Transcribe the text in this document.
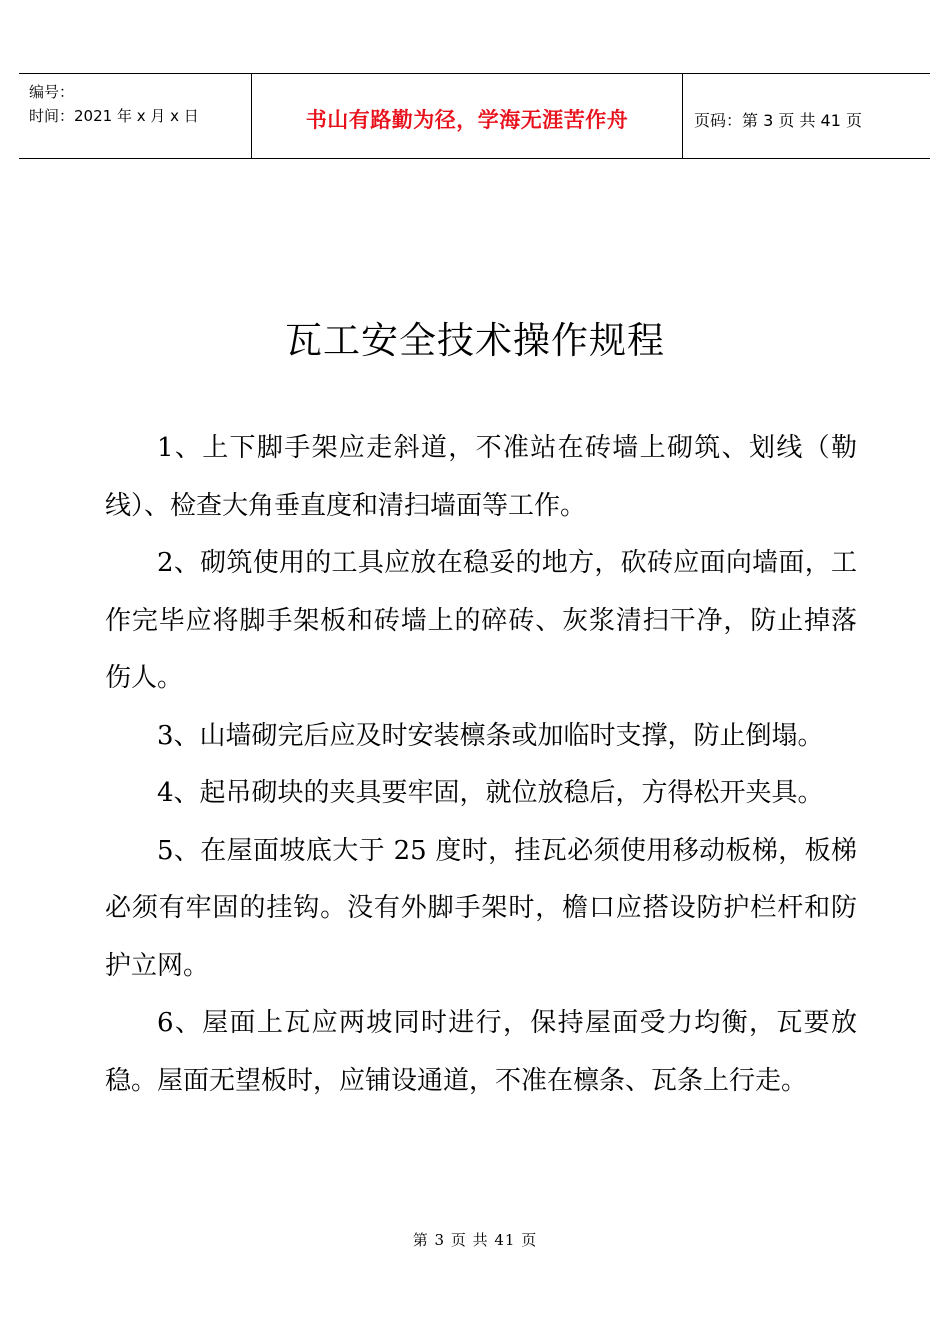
编号：
时间：2021 年 x 月 x 日	书山有路勤为径，学海无涯苦作舟	页码：第 3 页 共 41 页
瓦工安全技术操作规程

1、上下脚手架应走斜道，不准站在砖墙上砌筑、划线（勒线）、检查大角垂直度和清扫墙面等工作。

2、砌筑使用的工具应放在稳妥的地方，砍砖应面向墙面，工作完毕应将脚手架板和砖墙上的碎砖、灰浆清扫干净，防止掉落伤人。

3、山墙砌完后应及时安装檩条或加临时支撑，防止倒塌。

4、起吊砌块的夹具要牢固，就位放稳后，方得松开夹具。

5、在屋面坡底大于 25 度时，挂瓦必须使用移动板梯，板梯必须有牢固的挂钩。没有外脚手架时，檐口应搭设防护栏杆和防护立网。

6、屋面上瓦应两坡同时进行，保持屋面受力均衡，瓦要放稳。屋面无望板时，应铺设通道，不准在檩条、瓦条上行走。

第 3 页 共 41 页
